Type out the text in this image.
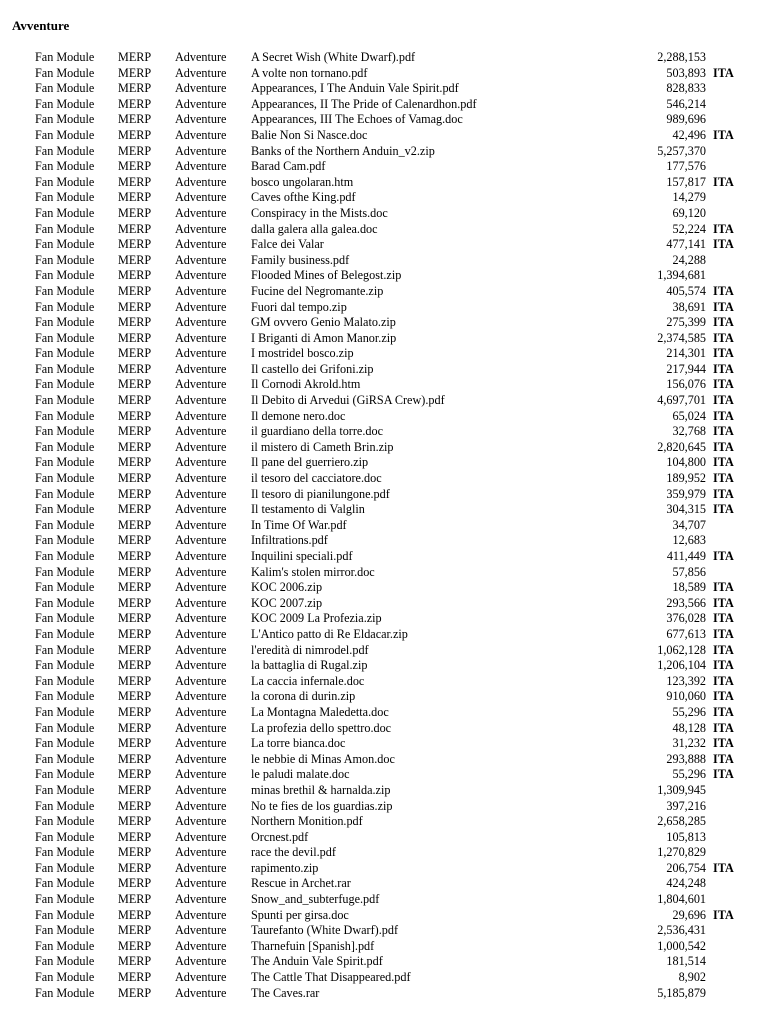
Avventure
Fan Module MERP Adventure A Secret Wish (White Dwarf).pdf	2,288,153
Fan Module MERP Adventure A volte non tornano.pdf	503,893 ITA
Fan Module MERP Adventure Appearances, I The Anduin Vale Spirit.pdf	828,833
Fan Module MERP Adventure Appearances, II The Pride of Calenardhon.pdf	546,214
Fan Module MERP Adventure Appearances, III The Echoes of Vamag.doc	989,696
Fan Module MERP Adventure Balie Non Si Nasce.doc	42,496 ITA
Fan Module MERP Adventure Banks of the Northern Anduin_v2.zip	5,257,370
Fan Module MERP Adventure Barad Cam.pdf	177,576
Fan Module MERP Adventure bosco ungolaran.htm	157,817 ITA
Fan Module MERP Adventure Caves ofthe King.pdf	14,279
Fan Module MERP Adventure Conspiracy in the Mists.doc	69,120
Fan Module MERP Adventure dalla galera alla galea.doc	52,224 ITA
Fan Module MERP Adventure Falce dei Valar	477,141 ITA
Fan Module MERP Adventure Family business.pdf	24,288
Fan Module MERP Adventure Flooded Mines of Belegost.zip	1,394,681
Fan Module MERP Adventure Fucine del Negromante.zip	405,574 ITA
Fan Module MERP Adventure Fuori dal tempo.zip	38,691 ITA
Fan Module MERP Adventure GM ovvero Genio Malato.zip	275,399 ITA
Fan Module MERP Adventure I Briganti di Amon Manor.zip	2,374,585 ITA
Fan Module MERP Adventure I mostridel bosco.zip	214,301 ITA
Fan Module MERP Adventure Il castello dei Grifoni.zip	217,944 ITA
Fan Module MERP Adventure Il Cornodi Akrold.htm	156,076 ITA
Fan Module MERP Adventure Il Debito di Arvedui (GiRSA Crew).pdf	4,697,701 ITA
Fan Module MERP Adventure Il demone nero.doc	65,024 ITA
Fan Module MERP Adventure il guardiano della torre.doc	32,768 ITA
Fan Module MERP Adventure il mistero di Cameth Brin.zip	2,820,645 ITA
Fan Module MERP Adventure Il pane del guerriero.zip	104,800 ITA
Fan Module MERP Adventure il tesoro del cacciatore.doc	189,952 ITA
Fan Module MERP Adventure Il tesoro di pianilungone.pdf	359,979 ITA
Fan Module MERP Adventure Il testamento di Valglin	304,315 ITA
Fan Module MERP Adventure In Time Of War.pdf	34,707
Fan Module MERP Adventure Infiltrations.pdf	12,683
Fan Module MERP Adventure Inquilini speciali.pdf	411,449 ITA
Fan Module MERP Adventure Kalim's stolen mirror.doc	57,856
Fan Module MERP Adventure KOC 2006.zip	18,589 ITA
Fan Module MERP Adventure KOC 2007.zip	293,566 ITA
Fan Module MERP Adventure KOC 2009 La Profezia.zip	376,028 ITA
Fan Module MERP Adventure L'Antico patto di Re Eldacar.zip	677,613 ITA
Fan Module MERP Adventure l'eredità di nimrodel.pdf	1,062,128 ITA
Fan Module MERP Adventure la battaglia di Rugal.zip	1,206,104 ITA
Fan Module MERP Adventure La caccia infernale.doc	123,392 ITA
Fan Module MERP Adventure la corona di durin.zip	910,060 ITA
Fan Module MERP Adventure La Montagna Maledetta.doc	55,296 ITA
Fan Module MERP Adventure La profezia dello spettro.doc	48,128 ITA
Fan Module MERP Adventure La torre bianca.doc	31,232 ITA
Fan Module MERP Adventure le nebbie di Minas Amon.doc	293,888 ITA
Fan Module MERP Adventure le paludi malate.doc	55,296 ITA
Fan Module MERP Adventure minas brethil & harnalda.zip	1,309,945
Fan Module MERP Adventure No te fies de los guardias.zip	397,216
Fan Module MERP Adventure Northern Monition.pdf	2,658,285
Fan Module MERP Adventure Orcnest.pdf	105,813
Fan Module MERP Adventure race the devil.pdf	1,270,829
Fan Module MERP Adventure rapimento.zip	206,754 ITA
Fan Module MERP Adventure Rescue in Archet.rar	424,248
Fan Module MERP Adventure Snow_and_subterfuge.pdf	1,804,601
Fan Module MERP Adventure Spunti per girsa.doc	29,696 ITA
Fan Module MERP Adventure Taurefanto (White Dwarf).pdf	2,536,431
Fan Module MERP Adventure Tharnefuin [Spanish].pdf	1,000,542
Fan Module MERP Adventure The Anduin Vale Spirit.pdf	181,514
Fan Module MERP Adventure The Cattle That Disappeared.pdf	8,902
Fan Module MERP Adventure The Caves.rar	5,185,879
